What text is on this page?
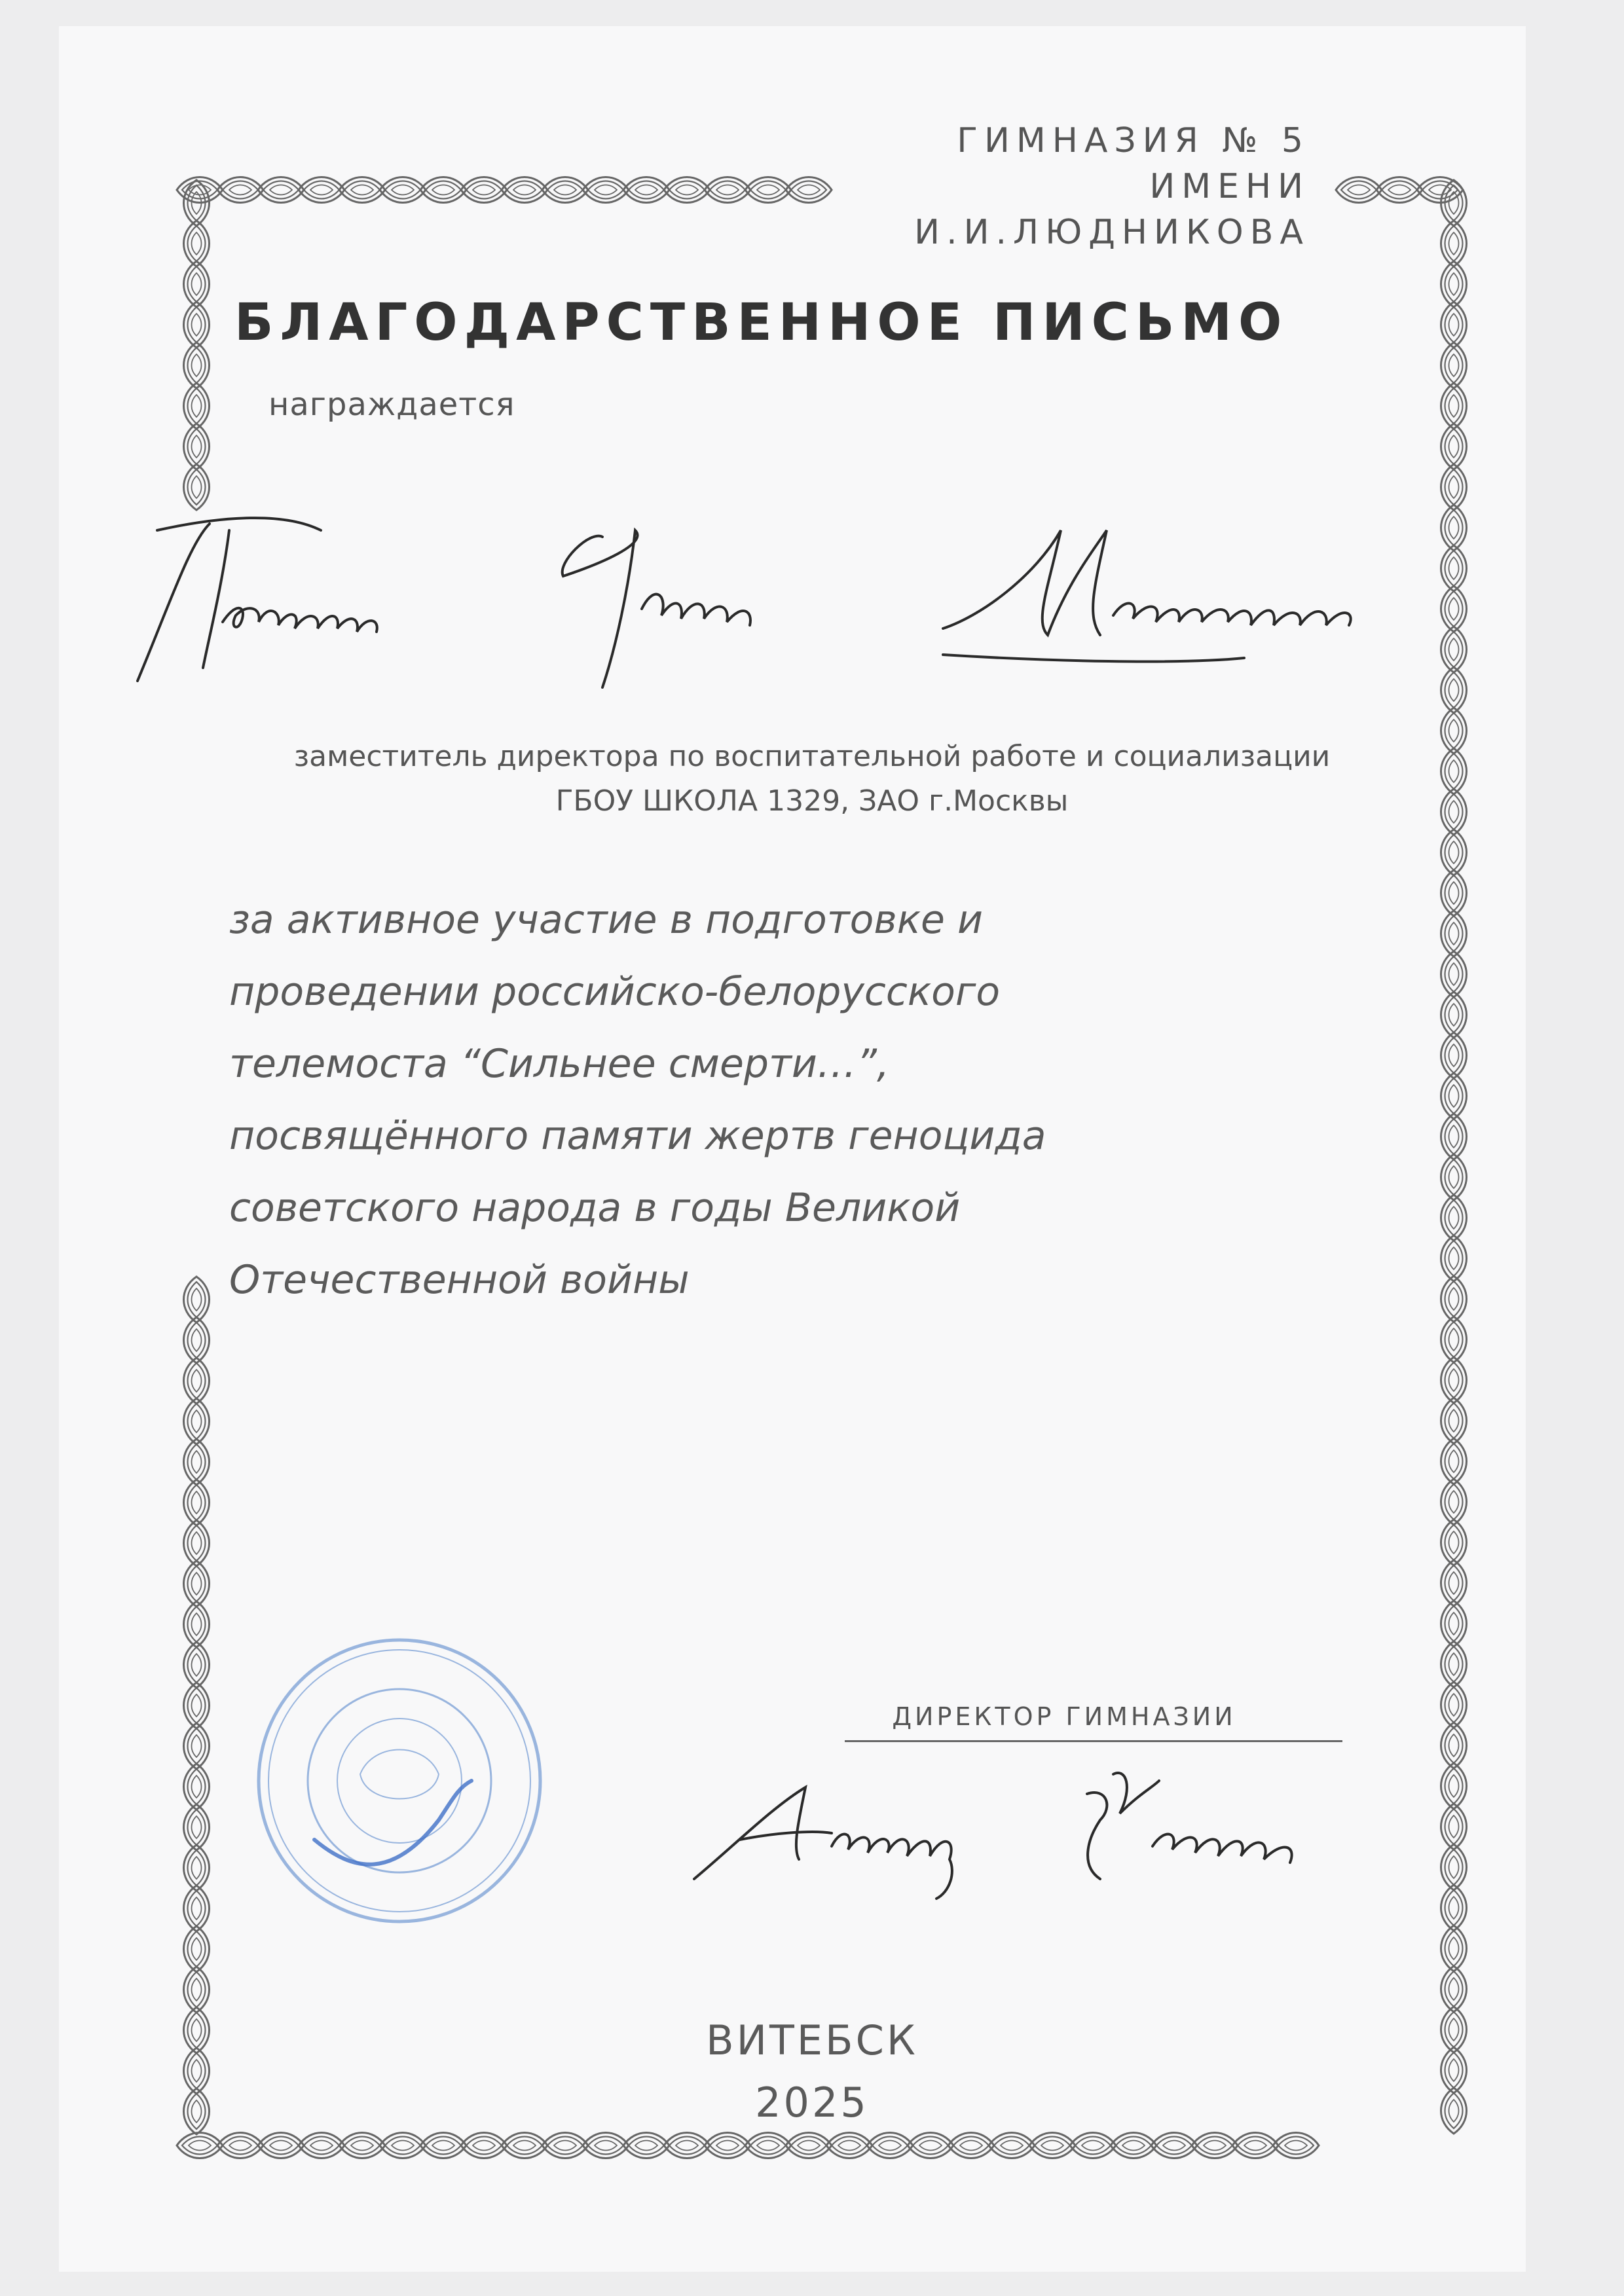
ГИМНАЗИЯ № 5
ИМЕНИ
И.И.ЛЮДНИКОВА
БЛАГОДАРСТВЕННОЕ ПИСЬМО
награждается
Горкунова Ирина Михайловна
заместитель директора по воспитательной работе и социализации
ГБОУ ШКОЛА 1329, ЗАО г.Москвы
за активное участие в подготовке и
проведении российско-белорусского
телемоста “Сильнее смерти…”,
посвящённого памяти жертв геноцида
советского народа в годы Великой
Отечественной войны
ДИРЕКТОР ГИМНАЗИИ
Александр Киселёв
ВИТЕБСК
2025
